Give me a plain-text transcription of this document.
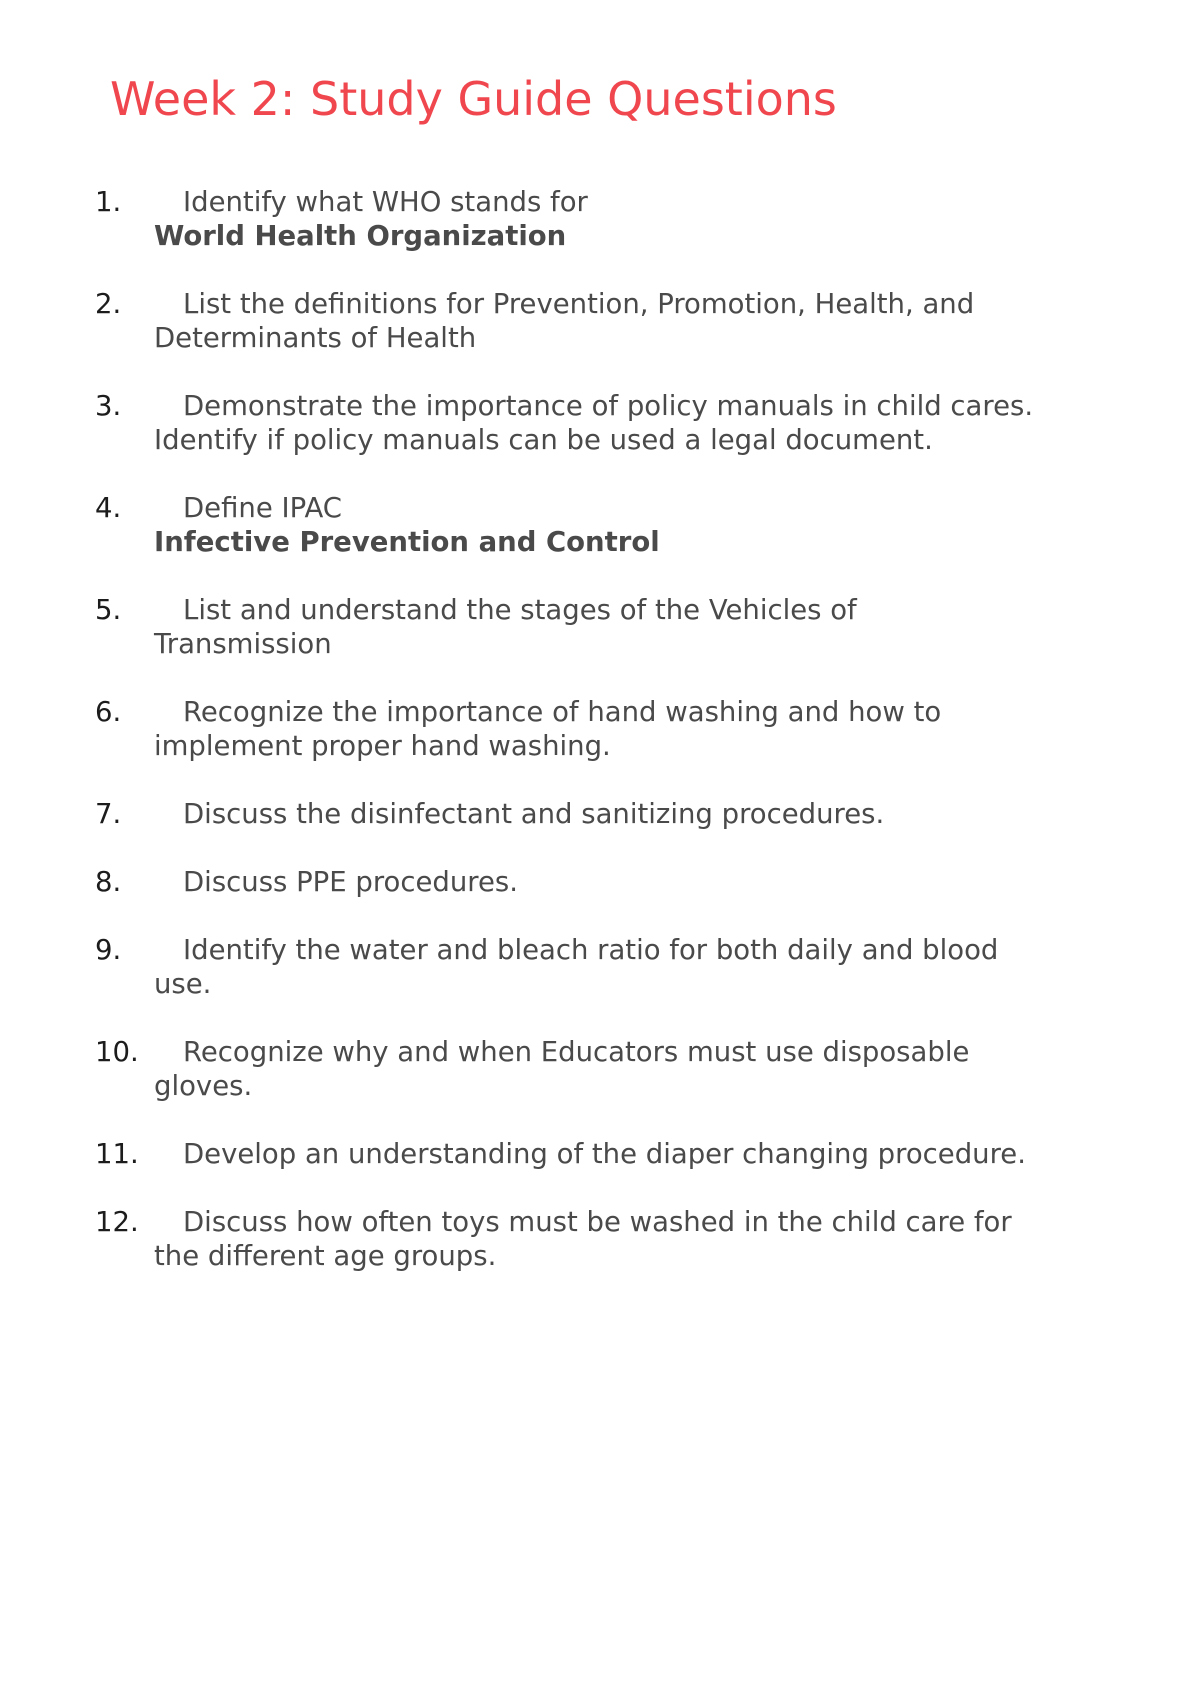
Week 2: Study Guide Questions
1.	Identify what WHO stands for
World Health Organization
2.	List the definitions for Prevention, Promotion, Health, and
Determinants of Health
3.	Demonstrate the importance of policy manuals in child cares.
Identify if policy manuals can be used a legal document.
4.	Define IPAC
Infective Prevention and Control
5.	List and understand the stages of the Vehicles of
Transmission
6.	Recognize the importance of hand washing and how to
implement proper hand washing.
7.	Discuss the disinfectant and sanitizing procedures.
8.	Discuss PPE procedures.
9.	Identify the water and bleach ratio for both daily and blood
use.
10.	Recognize why and when Educators must use disposable
gloves.
11.	Develop an understanding of the diaper changing procedure.
12.	Discuss how often toys must be washed in the child care for
the different age groups.
